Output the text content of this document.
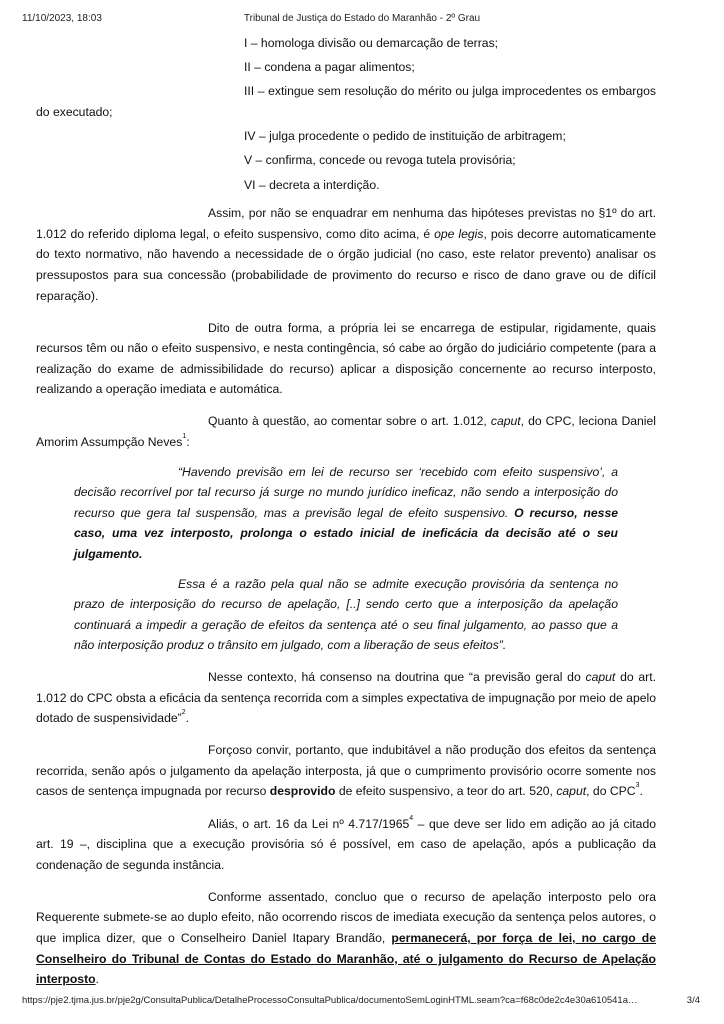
11/10/2023, 18:03	Tribunal de Justiça do Estado do Maranhão - 2º Grau

I – homologa divisão ou demarcação de terras;

II – condena a pagar alimentos;

III – extingue sem resolução do mérito ou julga improcedentes os embargos do executado;

IV – julga procedente o pedido de instituição de arbitragem;

V – confirma, concede ou revoga tutela provisória;

VI – decreta a interdição.

Assim, por não se enquadrar em nenhuma das hipóteses previstas no §1º do art. 1.012 do referido diploma legal, o efeito suspensivo, como dito acima, é ope legis, pois decorre automaticamente do texto normativo, não havendo a necessidade de o órgão judicial (no caso, este relator prevento) analisar os pressupostos para sua concessão (probabilidade de provimento do recurso e risco de dano grave ou de difícil reparação).

Dito de outra forma, a própria lei se encarrega de estipular, rigidamente, quais recursos têm ou não o efeito suspensivo, e nesta contingência, só cabe ao órgão do judiciário competente (para a realização do exame de admissibilidade do recurso) aplicar a disposição concernente ao recurso interposto, realizando a operação imediata e automática.

Quanto à questão, ao comentar sobre o art. 1.012, caput, do CPC, leciona Daniel Amorim Assumpção Neves$^1$:

“Havendo previsão em lei de recurso ser ‘recebido com efeito suspensivo’, a decisão recorrível por tal recurso já surge no mundo jurídico ineficaz, não sendo a interposição do recurso que gera tal suspensão, mas a previsão legal de efeito suspensivo. O recurso, nesse caso, uma vez interposto, prolonga o estado inicial de ineficácia da decisão até o seu julgamento.

Essa é a razão pela qual não se admite execução provisória da sentença no prazo de interposição do recurso de apelação, [..] sendo certo que a interposição da apelação continuará a impedir a geração de efeitos da sentença até o seu final julgamento, ao passo que a não interposição produz o trânsito em julgado, com a liberação de seus efeitos”.

Nesse contexto, há consenso na doutrina que “a previsão geral do caput do art. 1.012 do CPC obsta a eficácia da sentença recorrida com a simples expectativa de impugnação por meio de apelo dotado de suspensividade”$^2$.

Forçoso convir, portanto, que indubitável a não produção dos efeitos da sentença recorrida, senão após o julgamento da apelação interposta, já que o cumprimento provisório ocorre somente nos casos de sentença impugnada por recurso desprovido de efeito suspensivo, a teor do art. 520, caput, do CPC$^3$.

Aliás, o art. 16 da Lei nº 4.717/1965$^4$ – que deve ser lido em adição ao já citado art. 19 –, disciplina que a execução provisória só é possível, em caso de apelação, após a publicação da condenação de segunda instância.

Conforme assentado, concluo que o recurso de apelação interposto pelo ora Requerente submete-se ao duplo efeito, não ocorrendo riscos de imediata execução da sentença pelos autores, o que implica dizer, que o Conselheiro Daniel Itapary Brandão, permanecerá, por força de lei, no cargo de Conselheiro do Tribunal de Contas do Estado do Maranhão, até o julgamento do Recurso de Apelação interposto.

https://pje2.tjma.jus.br/pje2g/ConsultaPublica/DetalheProcessoConsultaPublica/documentoSemLoginHTML.seam?ca=f68c0de2c4e30a610541a…	3/4
